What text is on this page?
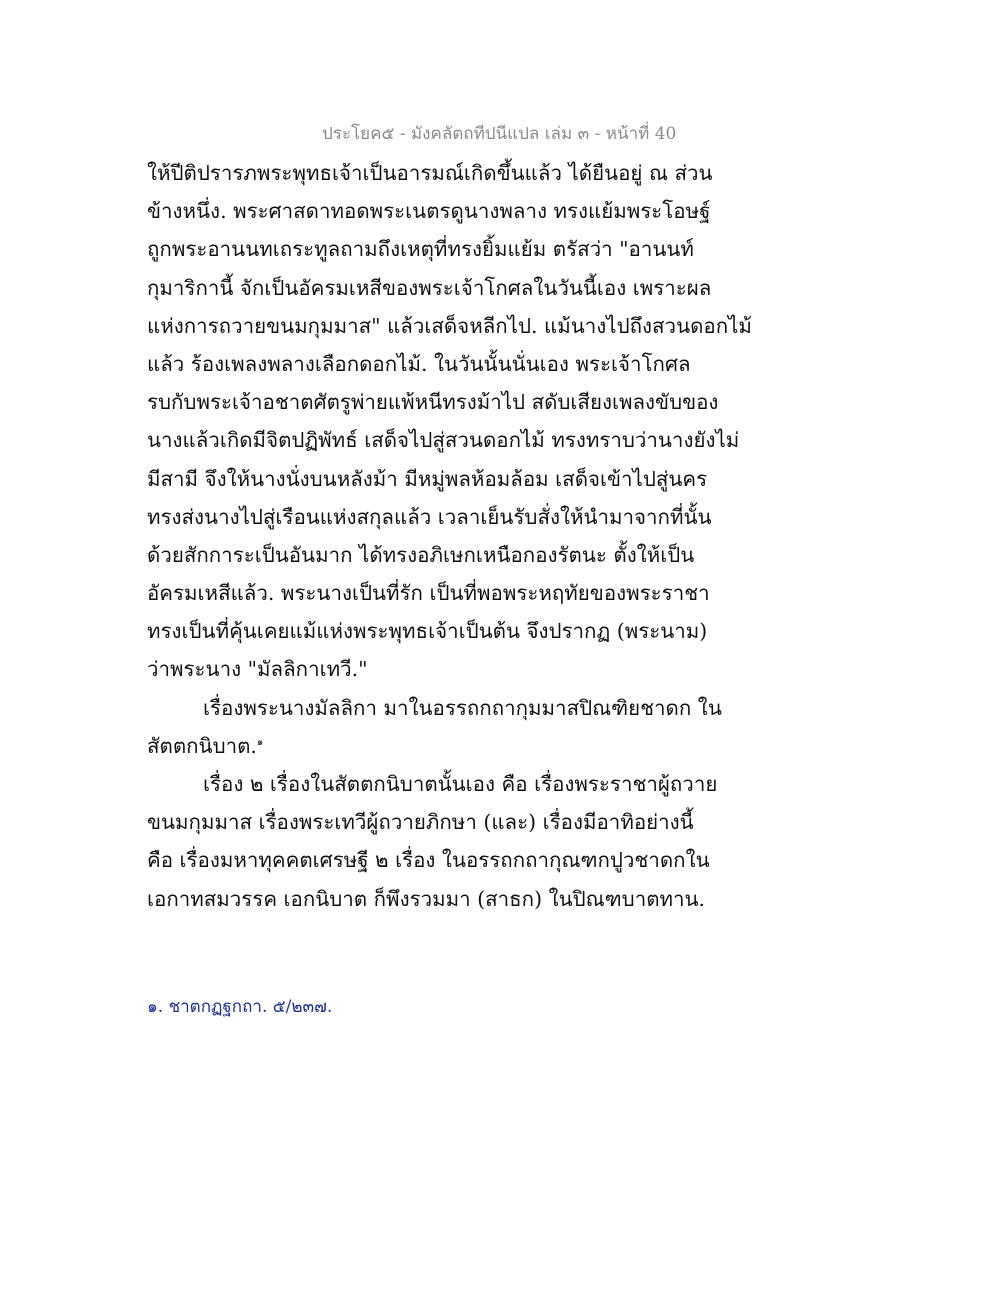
ประโยค๕ - มังคลัตถทีปนีแปล เล่ม ๓ - หน้าที่ 40
ให้ปีติปรารภพระพุทธเจ้าเป็นอารมณ์เกิดขึ้นแล้ว ได้ยืนอยู่ ณ ส่วน
ข้างหนึ่ง. พระศาสดาทอดพระเนตรดูนางพลาง ทรงแย้มพระโอษฐ์
ถูกพระอานนทเถระทูลถามถึงเหตุที่ทรงยิ้มแย้ม ตรัสว่า "อานนท์
กุมาริกานี้ จักเป็นอัครมเหสีของพระเจ้าโกศลในวันนี้เอง เพราะผล
แห่งการถวายขนมกุมมาส" แล้วเสด็จหลีกไป. แม้นางไปถึงสวนดอกไม้
แล้ว ร้องเพลงพลางเลือกดอกไม้. ในวันนั้นนั่นเอง พระเจ้าโกศล
รบกับพระเจ้าอชาตศัตรูพ่ายแพ้หนีทรงม้าไป สดับเสียงเพลงขับของ
นางแล้วเกิดมีจิตปฏิพัทธ์ เสด็จไปสู่สวนดอกไม้ ทรงทราบว่านางยังไม่
มีสามี จึงให้นางนั่งบนหลังม้า มีหมู่พลห้อมล้อม เสด็จเข้าไปสู่นคร
ทรงส่งนางไปสู่เรือนแห่งสกุลแล้ว เวลาเย็นรับสั่งให้นำมาจากที่นั้น
ด้วยสักการะเป็นอันมาก ได้ทรงอภิเษกเหนือกองรัตนะ ตั้งให้เป็น
อัครมเหสีแล้ว. พระนางเป็นที่รัก เป็นที่พอพระหฤทัยของพระราชา
ทรงเป็นที่คุ้นเคยแม้แห่งพระพุทธเจ้าเป็นต้น จึงปรากฏ (พระนาม)
ว่าพระนาง "มัลลิกาเทวี."
เรื่องพระนางมัลลิกา มาในอรรถกถากุมมาสปิณฑิยชาดก ใน
สัตตกนิบาต.$^๑$
เรื่อง ๒ เรื่องในสัตตกนิบาตนั้นเอง คือ เรื่องพระราชาผู้ถวาย
ขนมกุมมาส เรื่องพระเทวีผู้ถวายภิกษา (และ) เรื่องมีอาทิอย่างนี้
คือ เรื่องมหาทุคคตเศรษฐี ๒ เรื่อง ในอรรถกถากุณฑกปูวชาดกใน
เอกาทสมวรรค เอกนิบาต ก็พึงรวมมา (สาธก) ในปิณฑบาตทาน.
๑. ชาตกฏฐกถา. ๕/๒๓๗.
